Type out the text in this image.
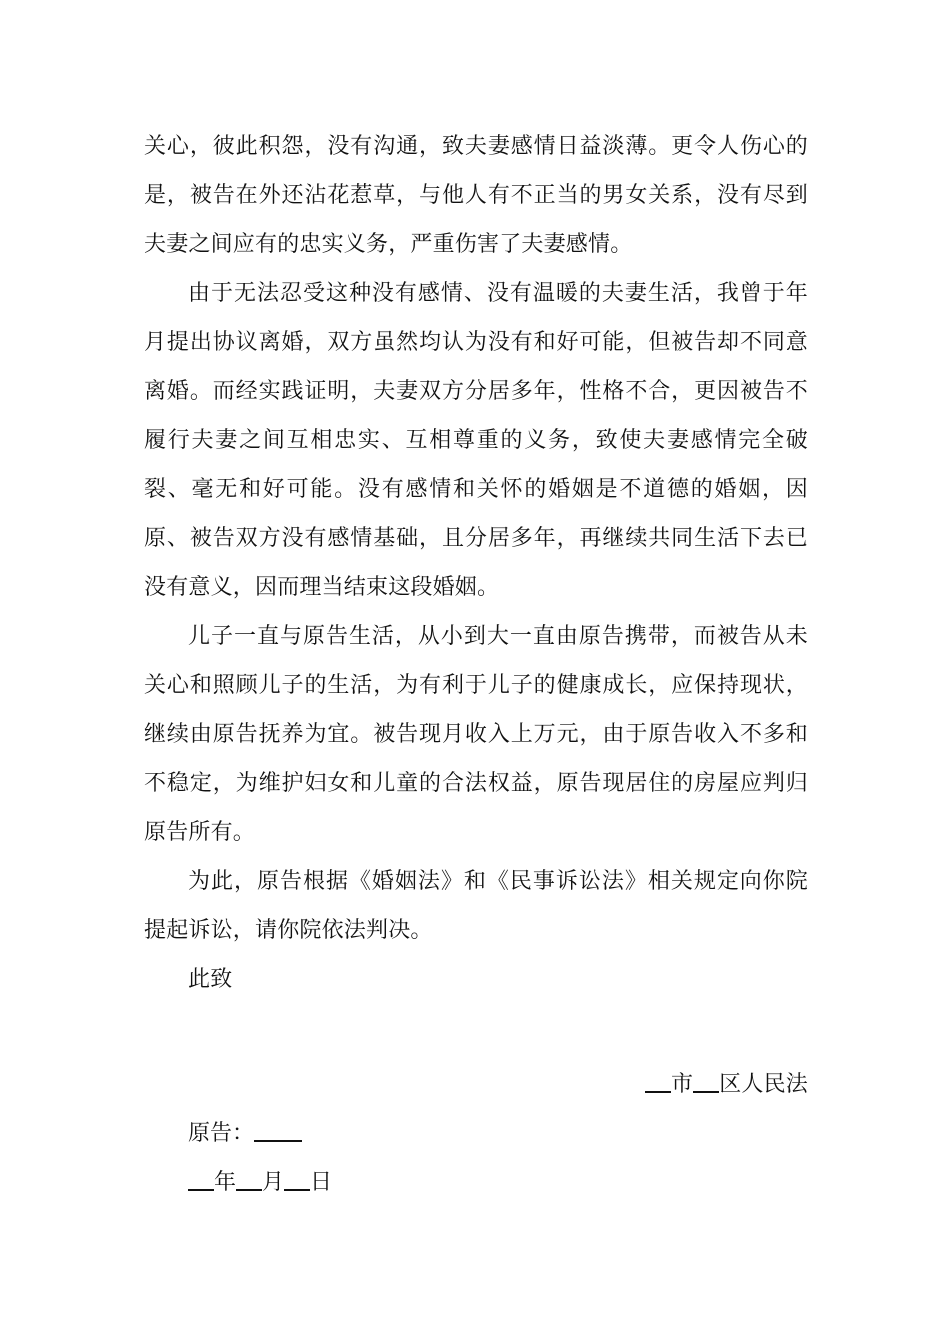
关心，彼此积怨，没有沟通，致夫妻感情日益淡薄。更令人伤心的是，被告在外还沾花惹草，与他人有不正当的男女关系，没有尽到夫妻之间应有的忠实义务，严重伤害了夫妻感情。

由于无法忍受这种没有感情、没有温暖的夫妻生活，我曾于年月提出协议离婚，双方虽然均认为没有和好可能，但被告却不同意离婚。而经实践证明，夫妻双方分居多年，性格不合，更因被告不履行夫妻之间互相忠实、互相尊重的义务，致使夫妻感情完全破裂、毫无和好可能。没有感情和关怀的婚姻是不道德的婚姻，因原、被告双方没有感情基础，且分居多年，再继续共同生活下去已没有意义，因而理当结束这段婚姻。

儿子一直与原告生活，从小到大一直由原告携带，而被告从未关心和照顾儿子的生活，为有利于儿子的健康成长，应保持现状，继续由原告抚养为宜。被告现月收入上万元，由于原告收入不多和不稳定，为维护妇女和儿童的合法权益，原告现居住的房屋应判归原告所有。

为此，原告根据《婚姻法》和《民事诉讼法》相关规定向你院提起诉讼，请你院依法判决。

此致

市 区人民法

原告：

年 月 日
